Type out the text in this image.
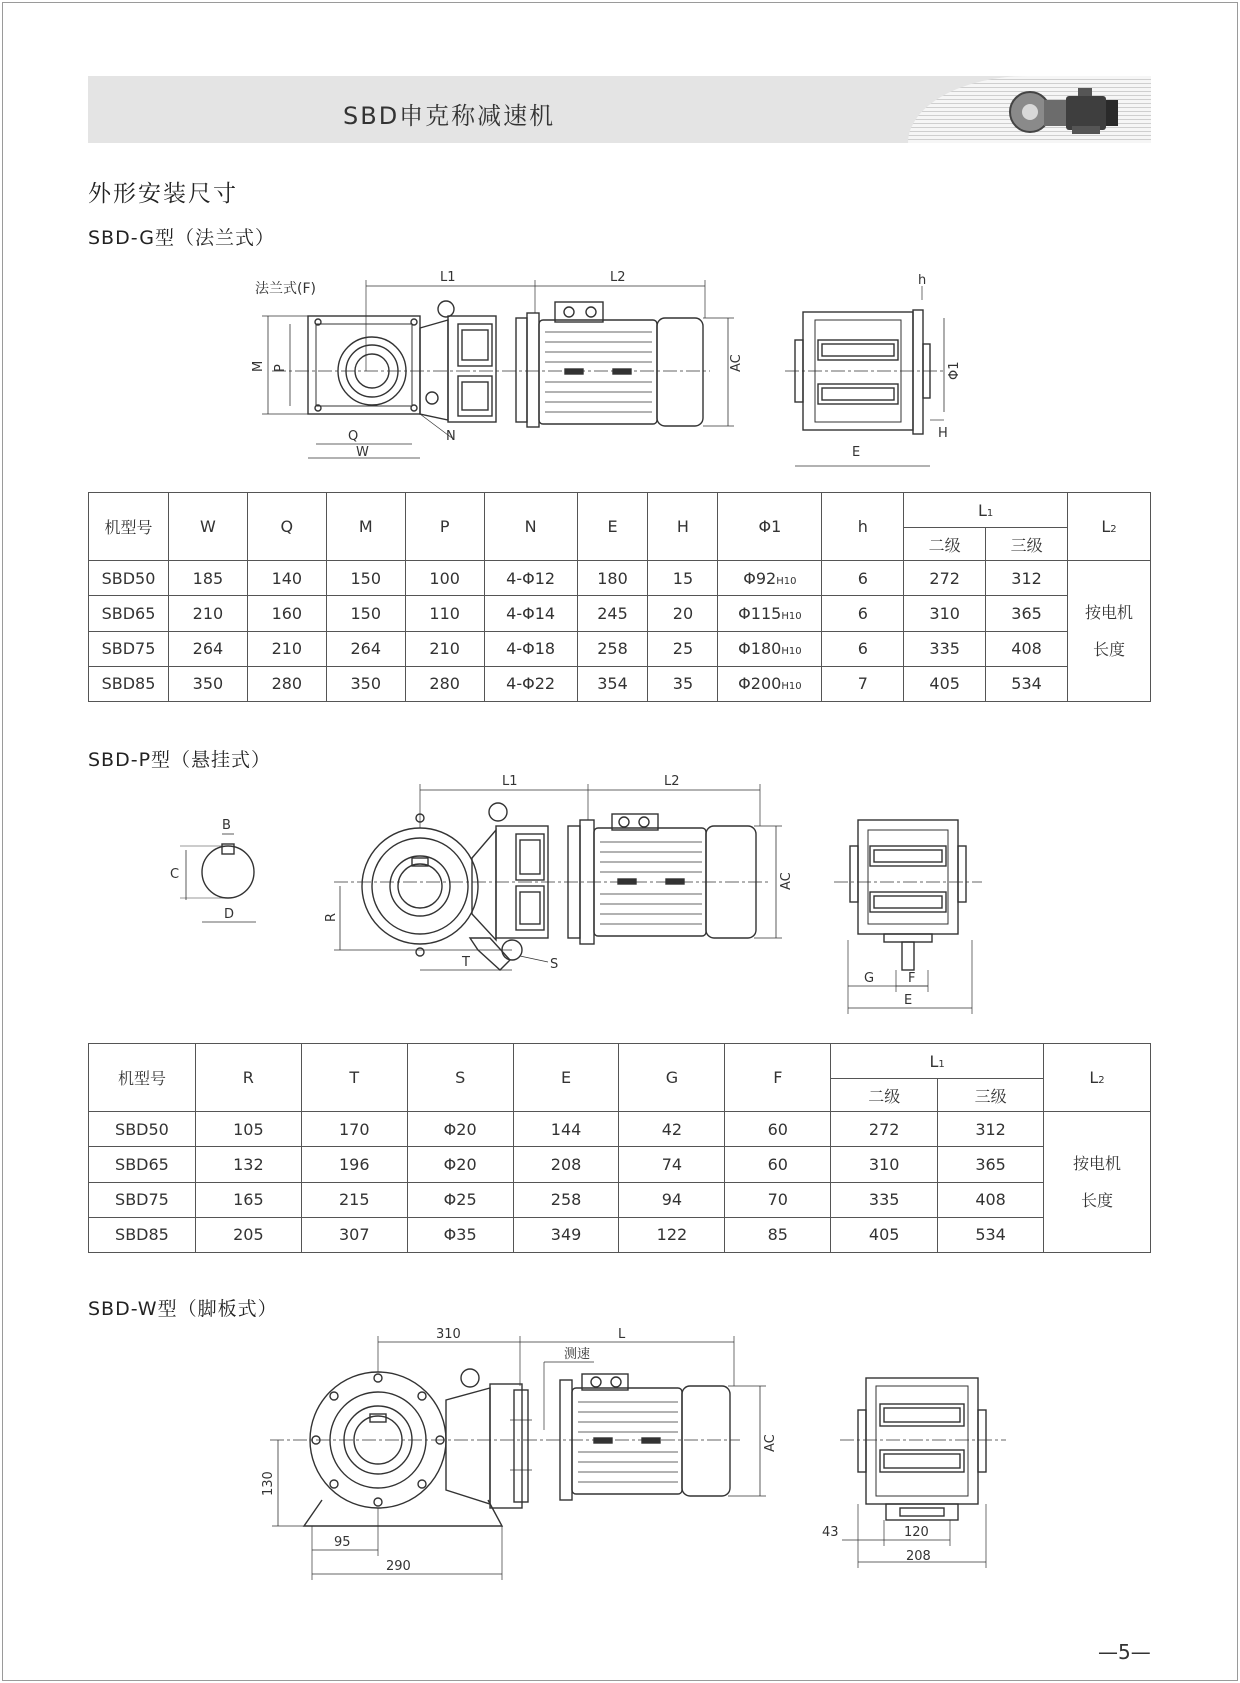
SBD申克称减速机
外形安装尺寸
SBD-G型（法兰式）
法兰式(F)
L1	L2
M P
Q
W
N
AC
h
Φ1
H
E
机型号	W	Q	M	P	N	E	H	Φ1	h	L1		L2
										二级	三级	
SBD50	185	140	150	100	4-Φ12	180	15	Φ92H10	6	272	312	按电机
长度

SBD65	210	160	150	110	4-Φ14	245	20	Φ115H10	6	310	365	
SBD75	264	210	264	210	4-Φ18	258	25	Φ180H10	6	335	408	
SBD85	350	280	350	280	4-Φ22	354	35	Φ200H10	7	405	534	
SBD-P型（悬挂式）
B
C
D
L1	L2
R
T	S
AC
G	F
E
机型号	R	T	S	E	G	F	L1		L2
							二级	三级	
SBD50	105	170	Φ20	144	42	60	272	312	按电机
长度

SBD65	132	196	Φ20	208	74	60	310	365	
SBD75	165	215	Φ25	258	94	70	335	408	
SBD85	205	307	Φ35	349	122	85	405	534	
SBD-W型（脚板式）
310	L
测速
AC
130
95
290
43	120
208
—5—
